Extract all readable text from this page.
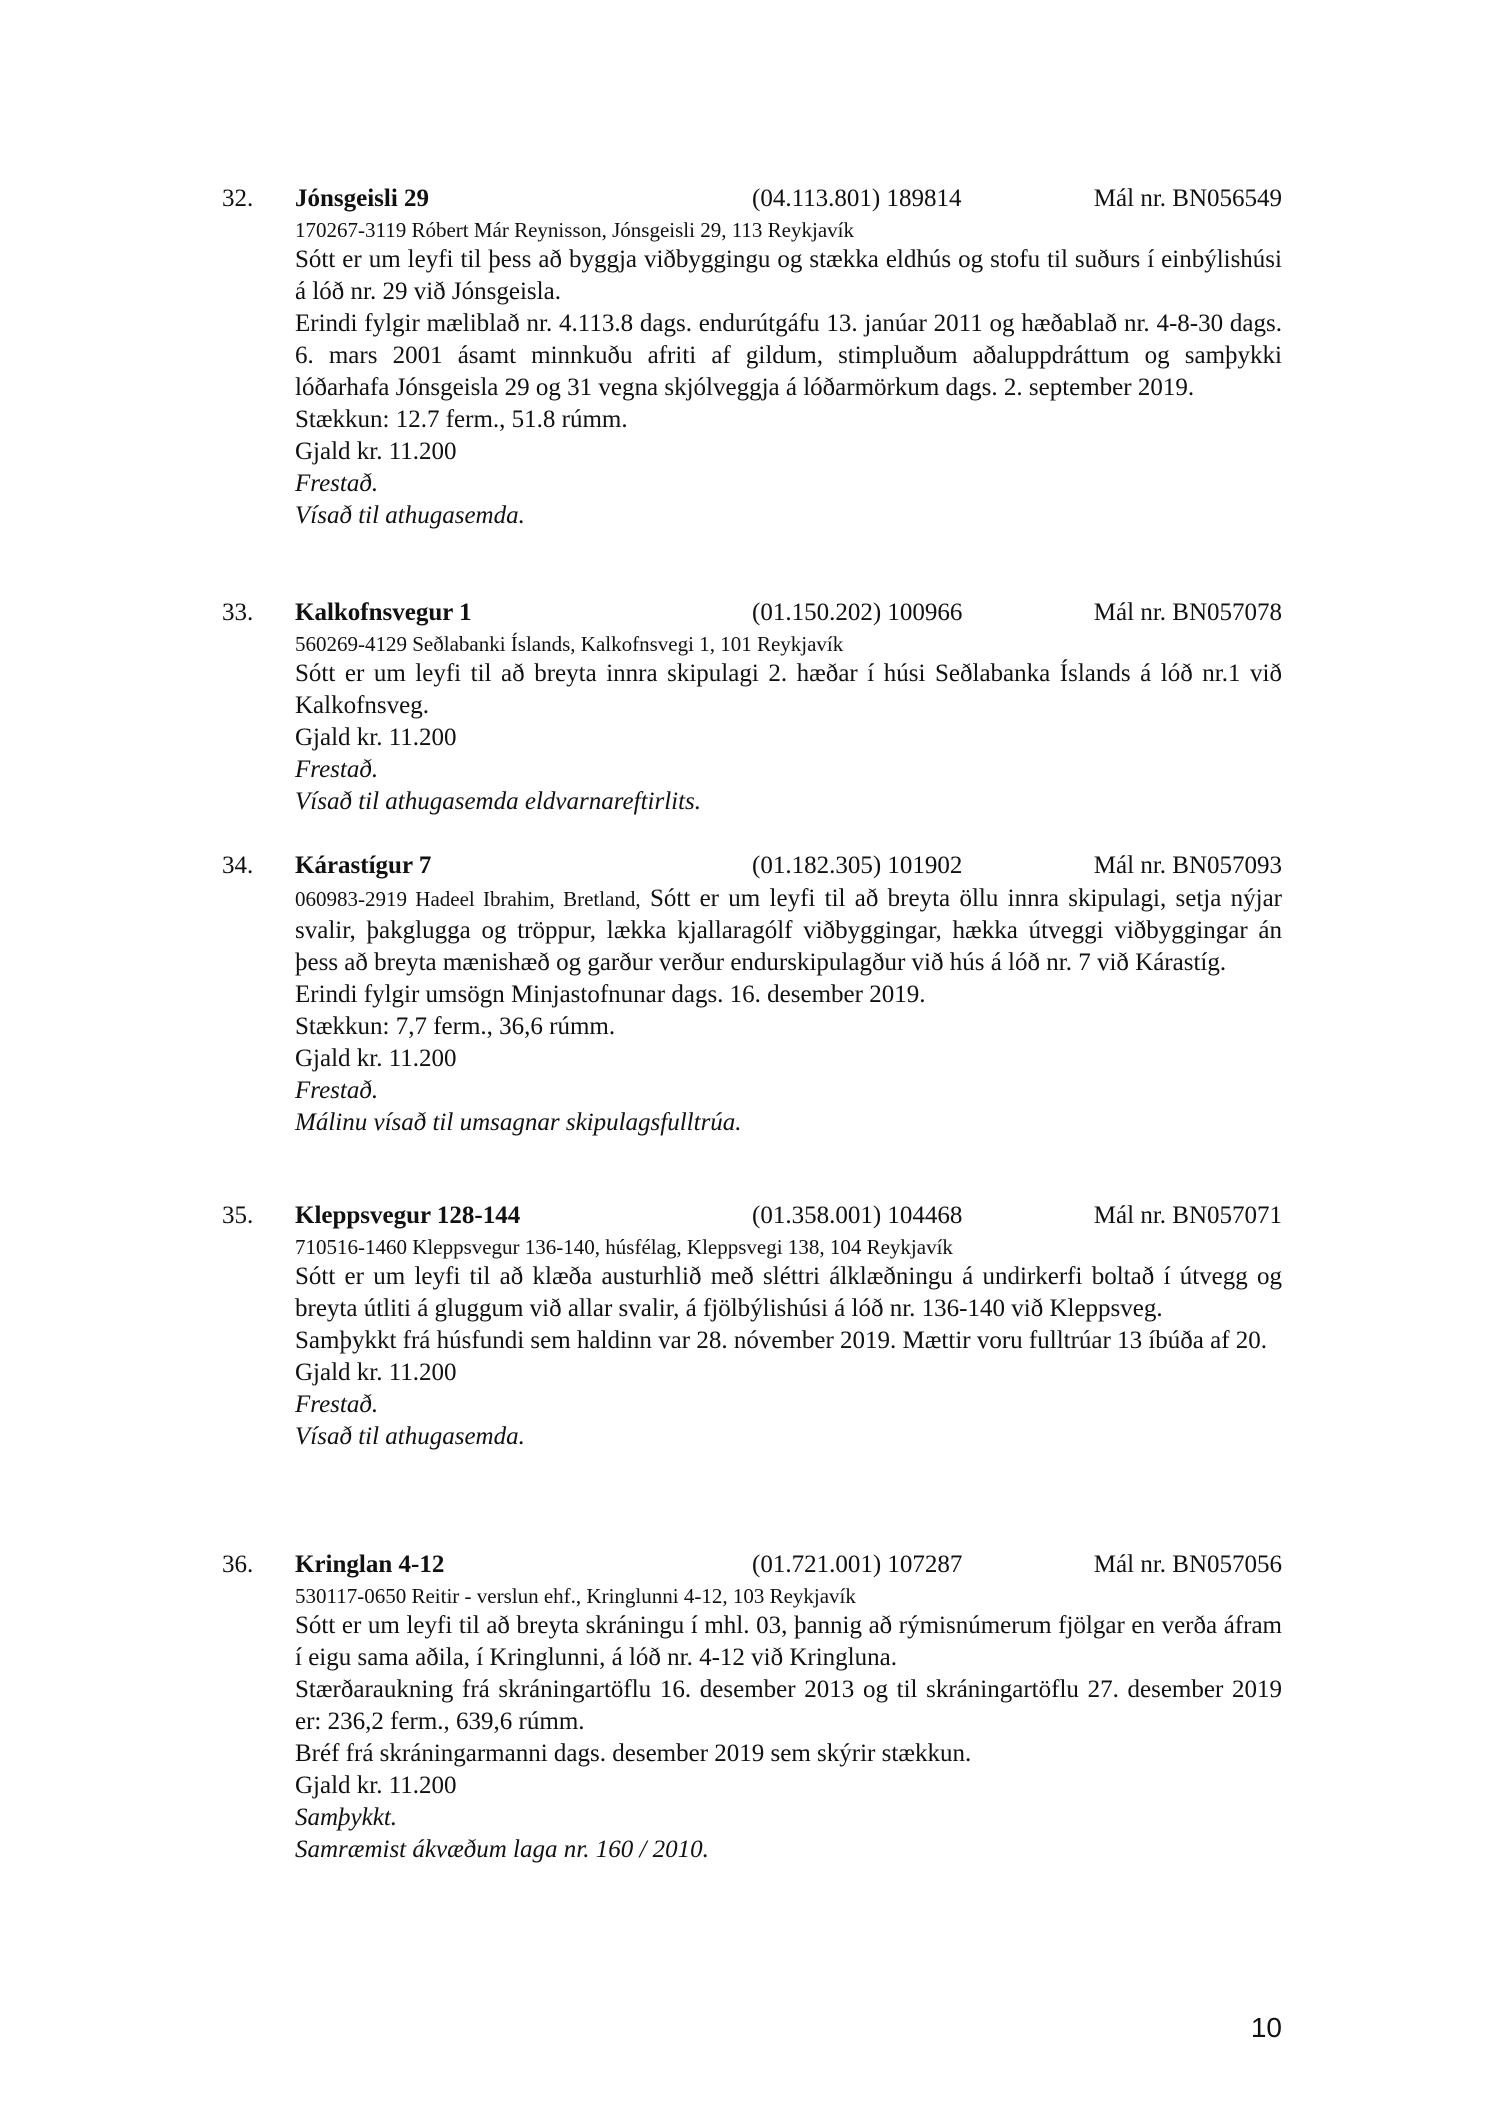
32. Jónsgeisli 29	(04.113.801) 189814	Mál nr. BN056549

170267-3119 Róbert Már Reynisson, Jónsgeisli 29, 113 Reykjavík

Sótt er um leyfi til þess að byggja viðbyggingu og stækka eldhús og stofu til suðurs í einbýlishúsi á lóð nr. 29 við Jónsgeisla.

Erindi fylgir mæliblað nr. 4.113.8 dags. endurútgáfu 13. janúar 2011 og hæðablað nr. 4-8-30 dags. 6. mars 2001 ásamt minnkuðu afriti af gildum, stimpluðum aðaluppdráttum og samþykki lóðarhafa Jónsgeisla 29 og 31 vegna skjólveggja á lóðarmörkum dags. 2. september 2019.

Stækkun: 12.7 ferm., 51.8 rúmm.

Gjald kr. 11.200

Frestað.

Vísað til athugasemda.

33. Kalkofnsvegur 1	(01.150.202) 100966	Mál nr. BN057078

560269-4129 Seðlabanki Íslands, Kalkofnsvegi 1, 101 Reykjavík

Sótt er um leyfi til að breyta innra skipulagi 2. hæðar í húsi Seðlabanka Íslands á lóð nr.1 við Kalkofnsveg.

Gjald kr. 11.200

Frestað.

Vísað til athugasemda eldvarnareftirlits.

34. Kárastígur 7	(01.182.305) 101902	Mál nr. BN057093

060983-2919 Hadeel Ibrahim, Bretland, Sótt er um leyfi til að breyta öllu innra skipulagi, setja nýjar svalir, þakglugga og tröppur, lækka kjallaragólf viðbyggingar, hækka útveggi viðbyggingar án þess að breyta mænishæð og garður verður endurskipulagður við hús á lóð nr. 7 við Kárastíg.

Erindi fylgir umsögn Minjastofnunar dags. 16. desember 2019.

Stækkun: 7,7 ferm., 36,6 rúmm.

Gjald kr. 11.200

Frestað.

Málinu vísað til umsagnar skipulagsfulltrúa.

35. Kleppsvegur 128-144	(01.358.001) 104468	Mál nr. BN057071

710516-1460 Kleppsvegur 136-140, húsfélag, Kleppsvegi 138, 104 Reykjavík

Sótt er um leyfi til að klæða austurhlið með sléttri álklæðningu á undirkerfi boltað í útvegg og breyta útliti á gluggum við allar svalir, á fjölbýlishúsi á lóð nr. 136-140 við Kleppsveg.

Samþykkt frá húsfundi sem haldinn var 28. nóvember 2019. Mættir voru fulltrúar 13 íbúða af 20.

Gjald kr. 11.200

Frestað.

Vísað til athugasemda.

36. Kringlan 4-12	(01.721.001) 107287	Mál nr. BN057056

530117-0650 Reitir - verslun ehf., Kringlunni 4-12, 103 Reykjavík

Sótt er um leyfi til að breyta skráningu í mhl. 03, þannig að rýmisnúmerum fjölgar en verða áfram í eigu sama aðila, í Kringlunni, á lóð nr. 4-12 við Kringluna.

Stærðaraukning frá skráningartöflu 16. desember 2013 og til skráningartöflu 27. desember 2019 er: 236,2 ferm., 639,6 rúmm.

Bréf frá skráningarmanni dags. desember 2019 sem skýrir stækkun.

Gjald kr. 11.200

Samþykkt.

Samræmist ákvæðum laga nr. 160 / 2010.

10
